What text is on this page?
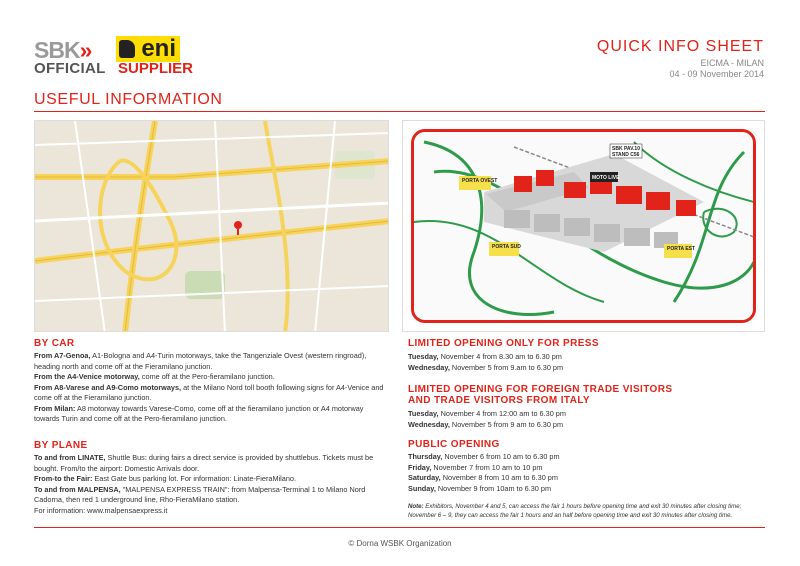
SBK»	eni
OFFICIAL SUPPLIER
QUICK INFO SHEET
EICMA - MILAN
04 - 09 November 2014
USEFUL INFORMATION
PORTA OVEST
PORTA SUD	PORTA EST
MOTO LIVE
SBK PAV.10
STAND C56
BY CAR
From A7-Genoa, A1-Bologna and A4-Turin motorways, take the Tangenziale Ovest (western ringroad), heading north and come off at the Fieramilano junction.
From the A4-Venice motorway, come off at the Pero-fieramilano junction.
From A8-Varese and A9-Como motorways, at the Milano Nord toll booth following signs for A4-Venice and come off at the Fieramilano junction.
From Milan: A8 motorway towards Varese-Como, come off at the fieramilano junction or A4 motorway towards Turin and come off at the Pero-fieramilano junction.
BY PLANE
To and from LINATE, Shuttle Bus: during fairs a direct service is provided by shuttlebus. Tickets must be bought. From/to the airport: Domestic Arrivals door.
From-to the Fair: East Gate bus parking lot. For information: Linate-FieraMilano.
To and from MALPENSA, "MALPENSA EXPRESS TRAIN": from Malpensa-Terminal 1 to Milano Nord Cadorna, then red 1 underground line, Rho-FieraMilano station.
For information: www.malpensaexpress.it
LIMITED OPENING ONLY FOR PRESS
Tuesday, November 4 from 8.30 am to 6.30 pm
Wednesday, November 5 from 9.am to 6.30 pm
LIMITED OPENING FOR FOREIGN TRADE VISITORS
AND TRADE VISITORS FROM ITALY
Tuesday, November 4 from 12:00 am to 6.30 pm
Wednesday, November 5 from 9 am to 6.30 pm
PUBLIC OPENING
Thursday, November 6 from 10 am to 6.30 pm
Friday, November 7 from 10 am to 10 pm
Saturday, November 8 from 10 am to 6.30 pm
Sunday, November 9 from 10am to 6.30 pm
Note: Exhibitors, November 4 and 5, can access the fair 1 hours before opening time and exit 30 minutes after closing time;
November 6 – 9, they can access the fair 1 hours and an half before opening time and exit 30 minutes after closing time.
© Dorna WSBK Organization
